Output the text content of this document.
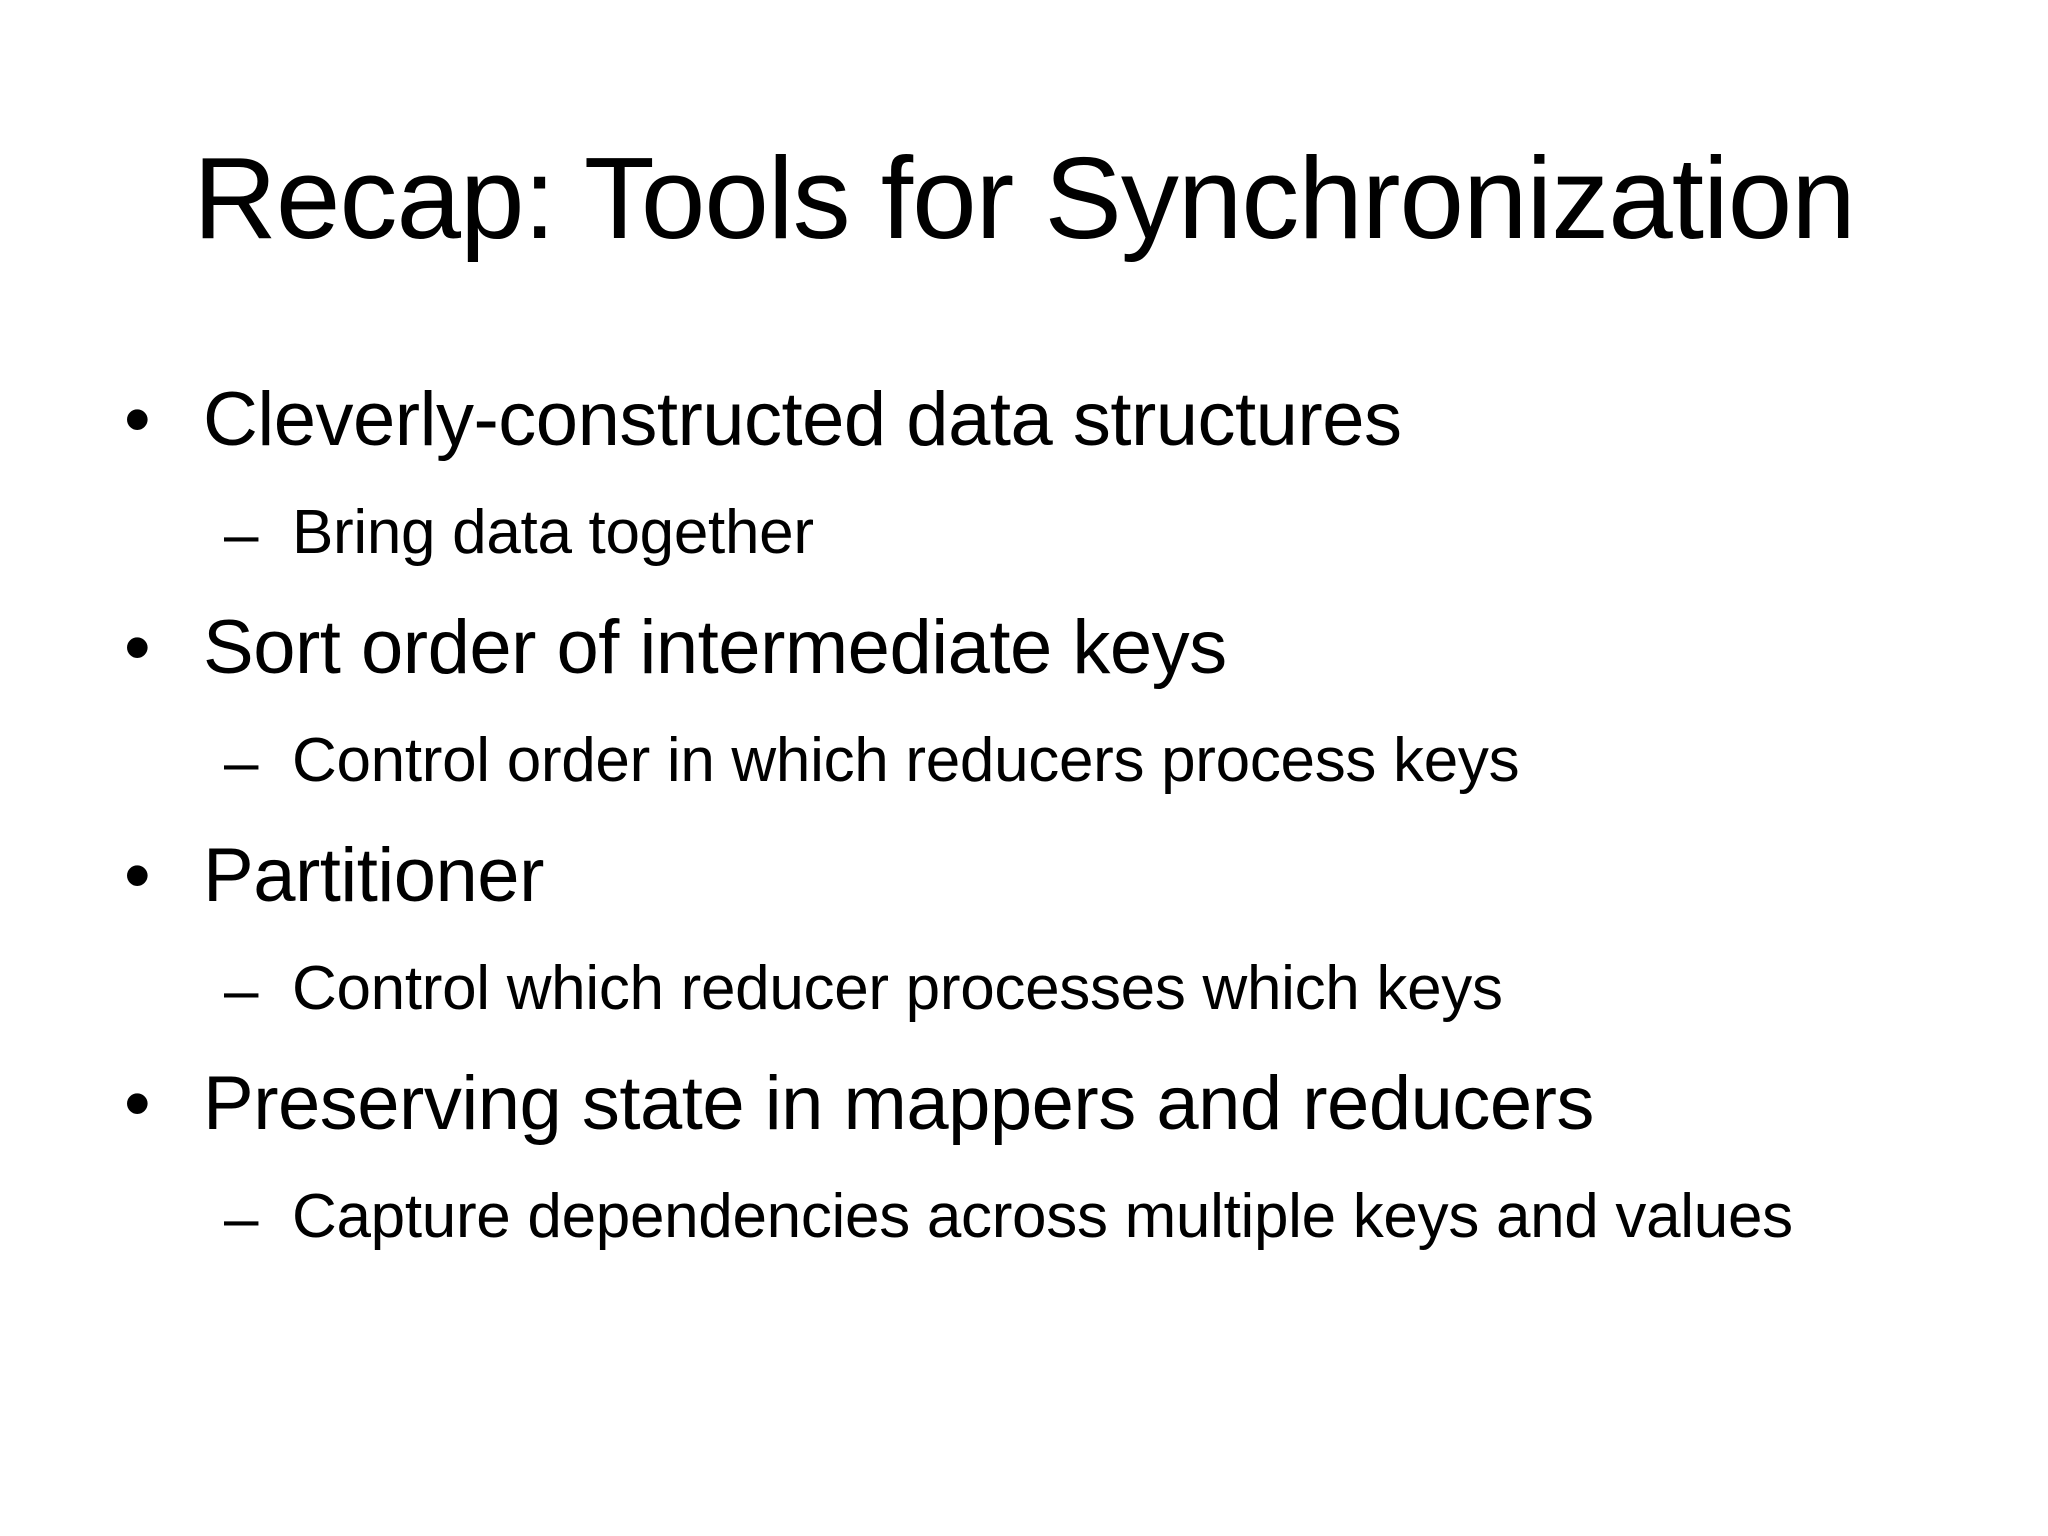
Recap: Tools for Synchronization
• Cleverly-constructed data structures
– Bring data together
• Sort order of intermediate keys
– Control order in which reducers process keys
• Partitioner
– Control which reducer processes which keys
• Preserving state in mappers and reducers
– Capture dependencies across multiple keys and values
